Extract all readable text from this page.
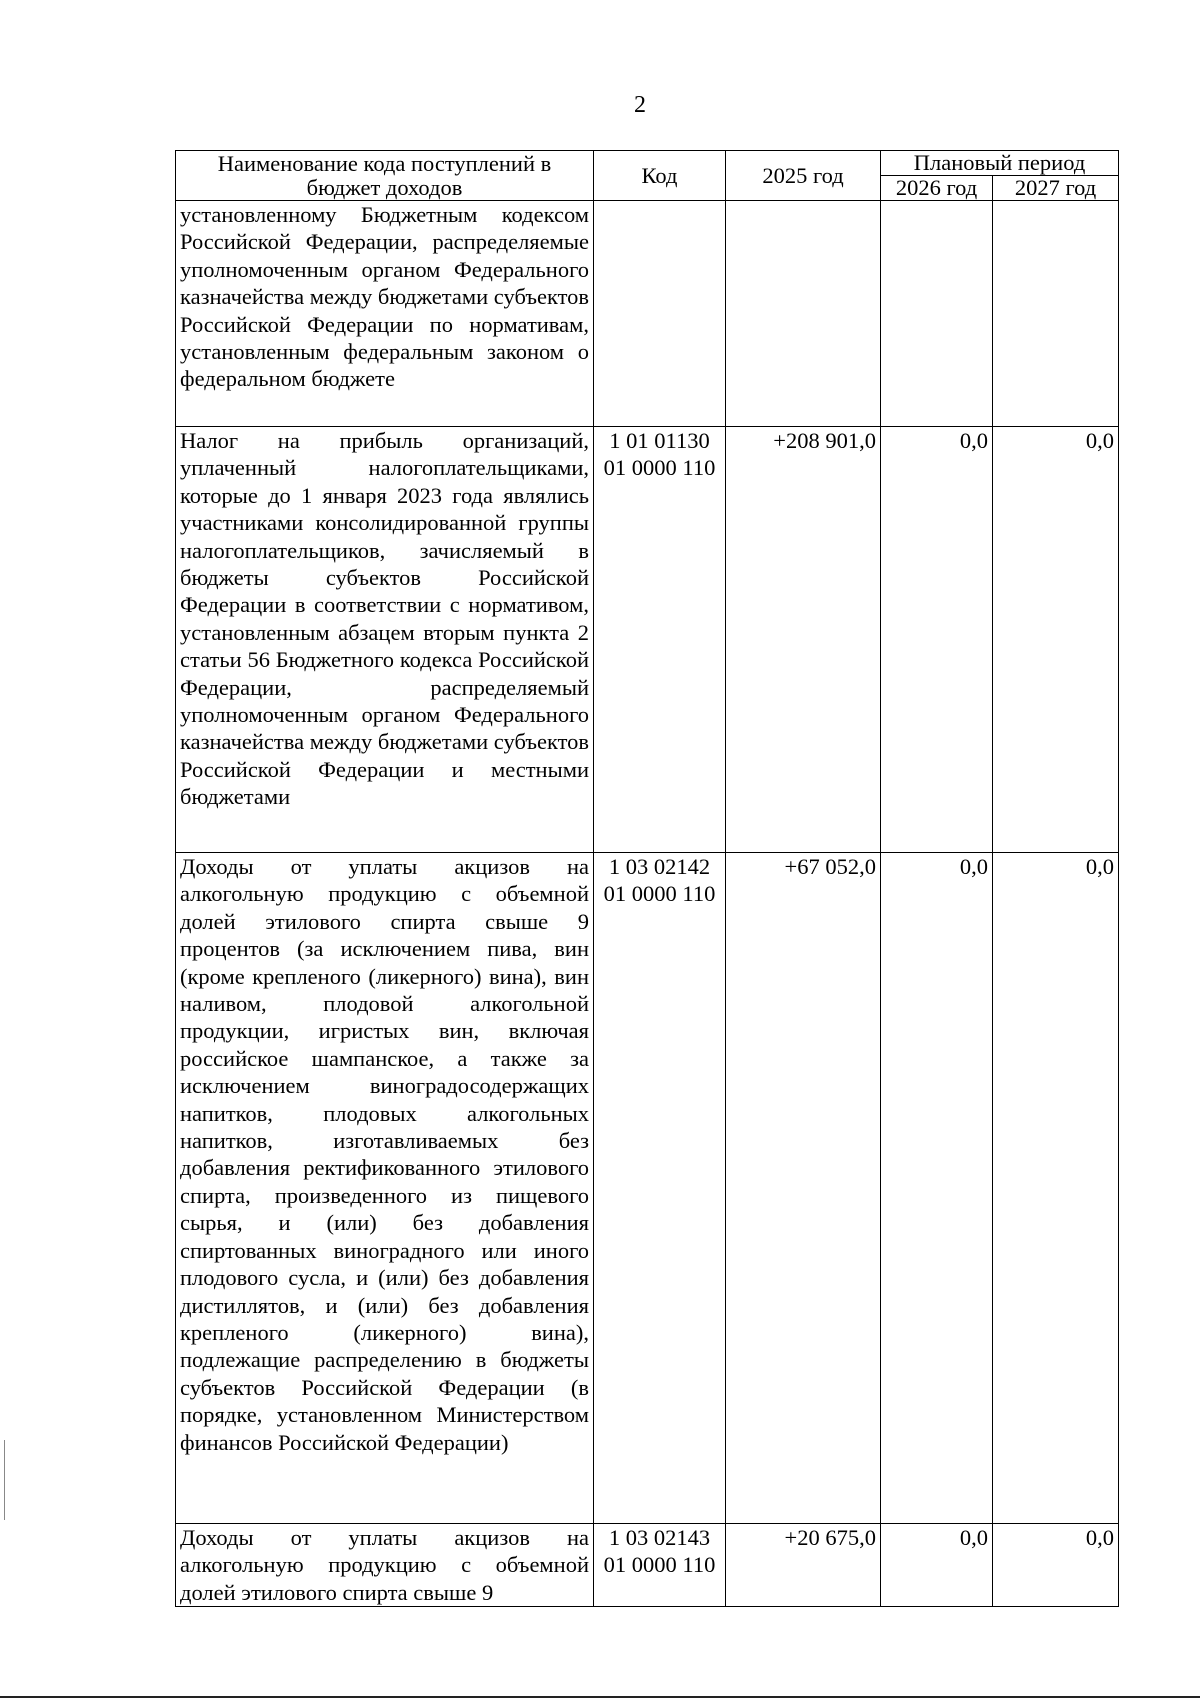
2
Наименование кода поступлений в бюджет доходов	Код	2025 год	Плановый период	
			2026 год	2027 год
установленному Бюджетным кодексом Российской Федерации, распределяемые уполномоченным органом Федерального казначейства между бюджетами субъектов Российской Федерации по нормативам, установленным федеральным законом о федеральном бюджете				
Налог на прибыль организаций, уплаченный налогоплательщиками, которые до 1 января 2023 года являлись участниками консолидированной группы налогоплательщиков, зачисляемый в бюджеты субъектов Российской Федерации в соответствии с нормативом, установленным абзацем вторым пункта 2 статьи 56 Бюджетного кодекса Российской Федерации, распределяемый уполномоченным органом Федерального казначейства между бюджетами субъектов Российской Федерации и местными бюджетами	1 01 01130 01 0000 110	+208 901,0	0,0	0,0
Доходы от уплаты акцизов на алкогольную продукцию с объемной долей этилового спирта свыше 9 процентов (за исключением пива, вин (кроме крепленого (ликерного) вина), вин наливом, плодовой алкогольной продукции, игристых вин, включая российское шампанское, а также за исключением виноградосодержащих напитков, плодовых алкогольных напитков, изготавливаемых без добавления ректификованного этилового спирта, произведенного из пищевого сырья, и (или) без добавления спиртованных виноградного или иного плодового сусла, и (или) без добавления дистиллятов, и (или) без добавления крепленого (ликерного) вина), подлежащие распределению в бюджеты субъектов Российской Федерации (в порядке, установленном Министерством финансов Российской Федерации)	1 03 02142 01 0000 110	+67 052,0	0,0	0,0
Доходы от уплаты акцизов на алкогольную продукцию с объемной долей этилового спирта свыше 9	1 03 02143 01 0000 110	+20 675,0	0,0	0,0
